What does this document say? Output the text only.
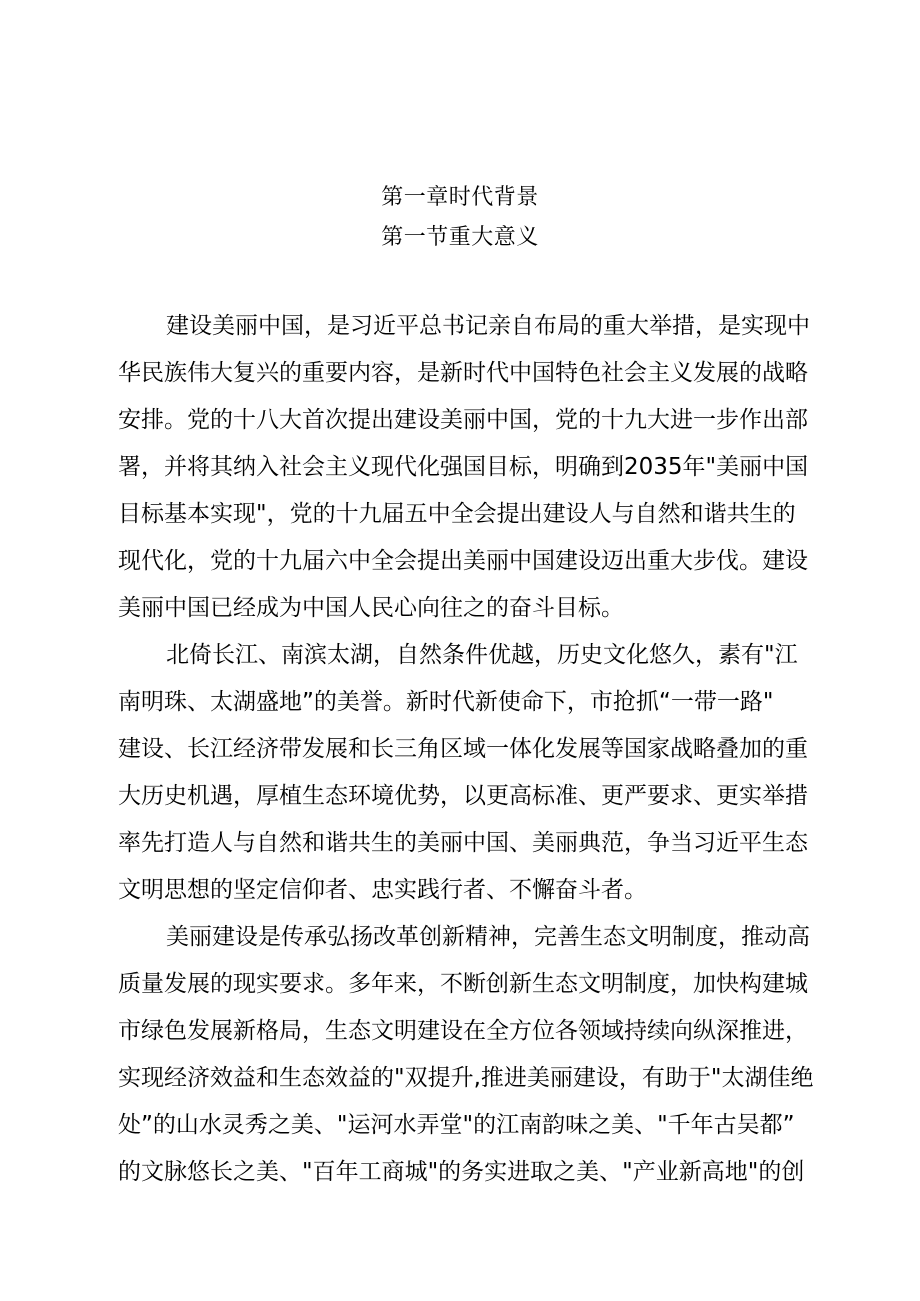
第一章时代背景
第一节重大意义
建设美丽中国，是习近平总书记亲自布局的重大举措，是实现中
华民族伟大复兴的重要内容，是新时代中国特色社会主义发展的战略
安排。党的十八大首次提出建设美丽中国，党的十九大进一步作出部
署，并将其纳入社会主义现代化强国目标，明确到2035年"美丽中国
目标基本实现"，党的十九届五中全会提出建设人与自然和谐共生的
现代化，党的十九届六中全会提出美丽中国建设迈出重大步伐。建设
美丽中国已经成为中国人民心向往之的奋斗目标。
北倚长江、南滨太湖，自然条件优越，历史文化悠久，素有"江
南明珠、太湖盛地”的美誉。新时代新使命下，市抢抓“一带一路"
建设、长江经济带发展和长三角区域一体化发展等国家战略叠加的重
大历史机遇，厚植生态环境优势，以更高标准、更严要求、更实举措
率先打造人与自然和谐共生的美丽中国、美丽典范，争当习近平生态
文明思想的坚定信仰者、忠实践行者、不懈奋斗者。
美丽建设是传承弘扬改革创新精神，完善生态文明制度，推动高
质量发展的现实要求。多年来，不断创新生态文明制度，加快构建城
市绿色发展新格局，生态文明建设在全方位各领域持续向纵深推进，
实现经济效益和生态效益的"双提升,推进美丽建设，有助于"太湖佳绝
处”的山水灵秀之美、"运河水弄堂"的江南韵味之美、"千年古吴都”
的文脉悠长之美、"百年工商城"的务实进取之美、"产业新高地"的创
